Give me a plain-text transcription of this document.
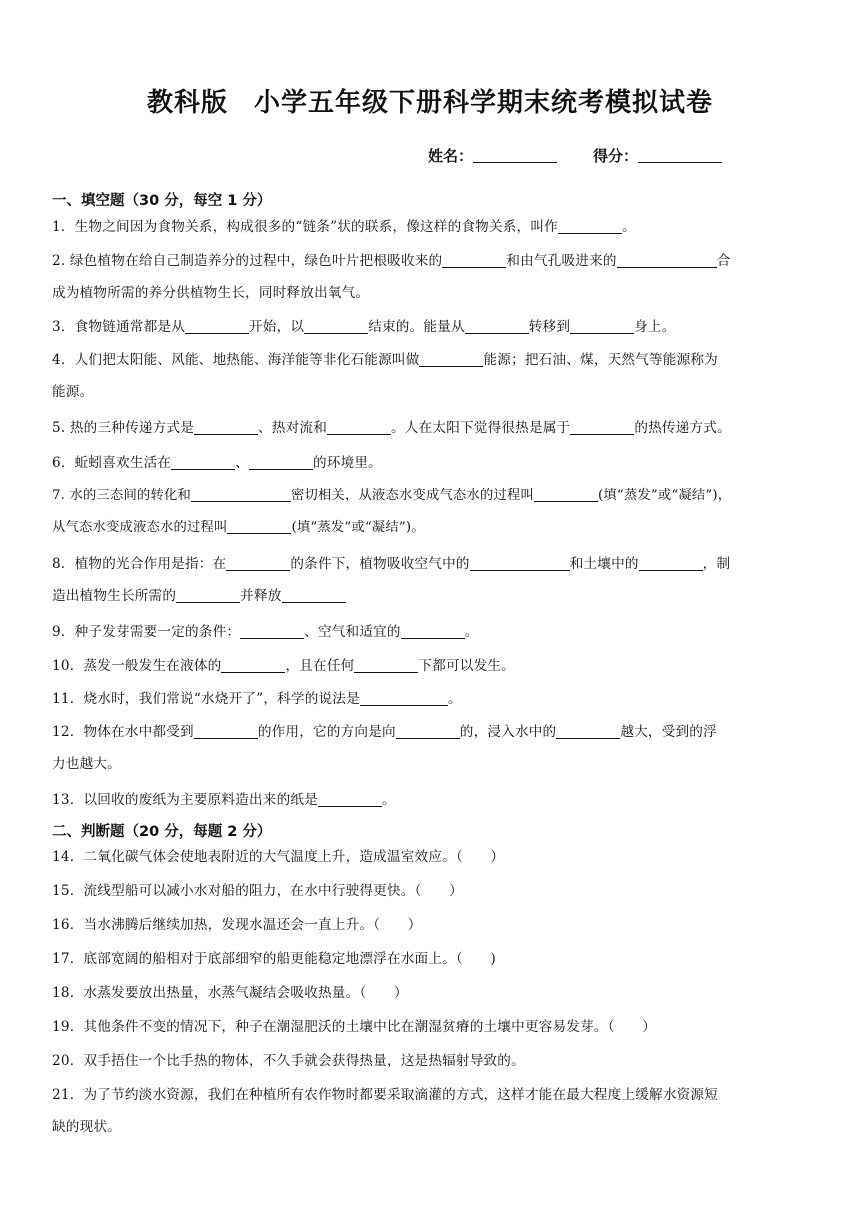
教科版 小学五年级下册科学期末统考模拟试卷
姓名：	得分：
一、填空题（30 分，每空 1 分）
1．生物之间因为食物关系，构成很多的“链条”状的联系，像这样的食物关系，叫作	。
2. 绿色植物在给自己制造养分的过程中，绿色叶片把根吸收来的	和由气孔吸进来的	合
成为植物所需的养分供植物生长，同时释放出氧气。
3．食物链通常都是从	开始，以	结束的。能量从	转移到	身上。
4．人们把太阳能、风能、地热能、海洋能等非化石能源叫做	能源；把石油、煤，天然气等能源称为
能源。
5. 热的三种传递方式是	、热对流和	。人在太阳下觉得很热是属于	的热传递方式。
6．蚯蚓喜欢生活在	、	的环境里。
7. 水的三态间的转化和	密切相关，从液态水变成气态水的过程叫	(填“蒸发”或“凝结”)，
从气态水变成液态水的过程叫	(填“蒸发”或“凝结”)。
8．植物的光合作用是指：在	的条件下，植物吸收空气中的	和土壤中的	，制
造出植物生长所需的	并释放
9．种子发芽需要一定的条件：	、空气和适宜的	。
10．蒸发一般发生在液体的	，且在任何	下都可以发生。
11．烧水时，我们常说“水烧开了”，科学的说法是	。
12．物体在水中都受到	的作用，它的方向是向	的，浸入水中的	越大，受到的浮
力也越大。
13．以回收的废纸为主要原料造出来的纸是	。
二、判断题（20 分，每题 2 分）
14．二氧化碳气体会使地表附近的大气温度上升，造成温室效应。（　　）
15．流线型船可以减小水对船的阻力，在水中行驶得更快。（　　）
16．当水沸腾后继续加热，发现水温还会一直上升。（　　）
17．底部宽阔的船相对于底部细窄的船更能稳定地漂浮在水面上。（　　)
18．水蒸发要放出热量，水蒸气凝结会吸收热量。（　　）
19．其他条件不变的情况下，种子在潮湿肥沃的土壤中比在潮湿贫瘠的土壤中更容易发芽。（　　）
20．双手捂住一个比手热的物体，不久手就会获得热量，这是热辐射导致的。
21．为了节约淡水资源，我们在种植所有农作物时都要采取滴灌的方式，这样才能在最大程度上缓解水资源短
缺的现状。
